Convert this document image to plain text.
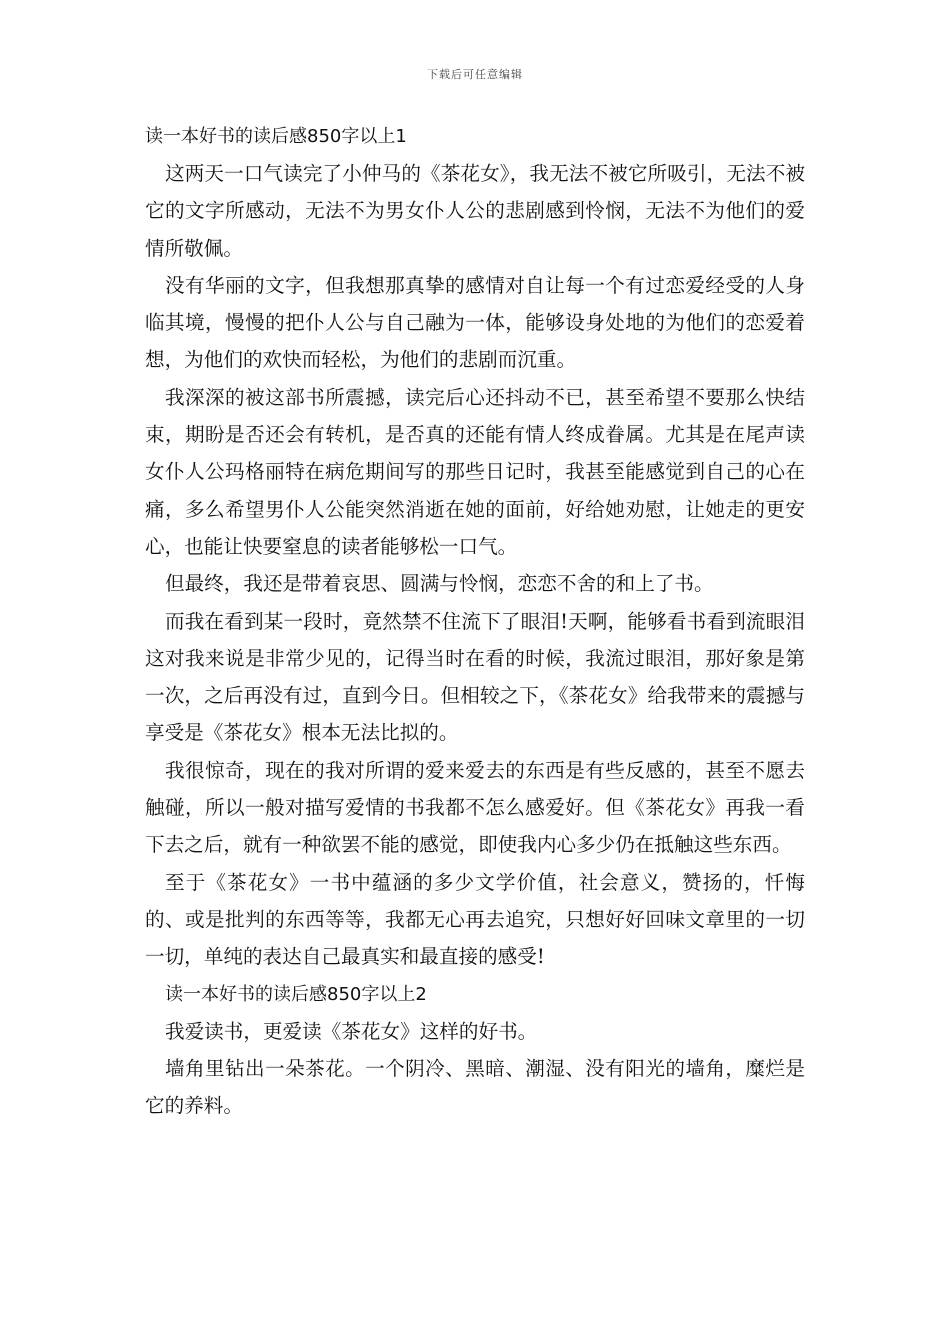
下载后可任意编辑
读一本好书的读后感850字以上1

这两天一口气读完了小仲马的《茶花女》，我无法不被它所吸引，无法不被它的文字所感动，无法不为男女仆人公的悲剧感到怜悯，无法不为他们的爱情所敬佩。

没有华丽的文字，但我想那真挚的感情对自让每一个有过恋爱经受的人身临其境，慢慢的把仆人公与自己融为一体，能够设身处地的为他们的恋爱着想，为他们的欢快而轻松，为他们的悲剧而沉重。

我深深的被这部书所震撼，读完后心还抖动不已，甚至希望不要那么快结束，期盼是否还会有转机，是否真的还能有情人终成眷属。尤其是在尾声读女仆人公玛格丽特在病危期间写的那些日记时，我甚至能感觉到自己的心在痛，多么希望男仆人公能突然消逝在她的面前，好给她劝慰，让她走的更安心，也能让快要窒息的读者能够松一口气。

但最终，我还是带着哀思、圆满与怜悯，恋恋不舍的和上了书。

而我在看到某一段时，竟然禁不住流下了眼泪!天啊，能够看书看到流眼泪这对我来说是非常少见的，记得当时在看的时候，我流过眼泪，那好象是第一次，之后再没有过，直到今日。但相较之下，《茶花女》给我带来的震撼与享受是《茶花女》根本无法比拟的。

我很惊奇，现在的我对所谓的爱来爱去的东西是有些反感的，甚至不愿去触碰，所以一般对描写爱情的书我都不怎么感爱好。但《茶花女》再我一看下去之后，就有一种欲罢不能的感觉，即使我内心多少仍在抵触这些东西。

至于《茶花女》一书中蕴涵的多少文学价值，社会意义，赞扬的，忏悔的、或是批判的东西等等，我都无心再去追究，只想好好回味文章里的一切一切，单纯的表达自己最真实和最直接的感受!

读一本好书的读后感850字以上2

我爱读书，更爱读《茶花女》这样的好书。

墙角里钻出一朵茶花。一个阴冷、黑暗、潮湿、没有阳光的墙角，糜烂是它的养料。
